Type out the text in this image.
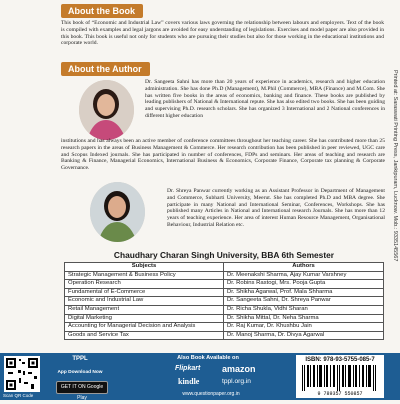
About the Book
This book of “Economic and Industrial Law” covers various laws governing the relationship between labours and employers. Text of the book is compiled with examples and legal jargons are avoided for easy understanding of legislations. Exercises and model paper are also provided in this book. This book is useful not only for students who are pursuing their studies but also for those working in the educational institutions and corporate world.
About the Author
Dr. Sangeeta Sahni has more than 20 years of experience in academics, research and higher education administration. She has done Ph.D (Management), M.Phil (Commerce), MBA (Finance) and M.Com. She has written five books in the areas of economics, banking and finance. These books are published by leading publishers of National & International repute. She has also edited two books. She has been guiding and supervising Ph.D. research scholars. She has organized 3 International and 2 National conferences in different higher education
institutions and has always been an active member of conference committees throughout her teaching career. She has contributed more than 25 research papers in the areas of Business Management & Commerce. Her research contribution has been published in peer reviewed, UGC care and Scopus Indexed journals. She has participated in number of conferences, FDPs and seminars. Her areas of teaching and research are Banking & Finance, Managerial Economics, International Business & Economics, Corporate Finance, Corporate tax planning & Corporate Governance.
Dr. Shreya Panwar currently working as an Assistant Professor in Department of Management and Commerce, Subharti University, Meerut. She has completed Ph.D and MBA degree. She participate in many National and International Seminar, Conferences, Workshops. She has published many Articles in National and International research Journals. She has more than 12 years of teaching experience. Her area of interest Human Resource Management, Organisational Behaviour, Industrial Relation etc.
Chaudhary Charan Singh University, BBA 6th Semester
Subjects	Authors
Strategic Management & Business Policy	Dr. Meenakshi Sharma, Ajay Kumar Varshney
Operation Research	Dr. Robins Rastogi, Mrs. Pooja Gupta
Fundamental of E-Commerce	Dr. Shikha Agarwal, Prof. Mala Shharma
Economic and Industrial Law	Dr. Sangeeta Sahni, Dr. Shreya Panwar
Retail Management	Dr. Richa Shukla, Vidhi Sharan
Digital Marketing	Dr. Shikha Mittal, Dr. Neha Sharma
Accounting for Managerial Decision and Analysis	Dr. Raj Kumar, Dr. Khushbu Jain
Goods and Service Tax	Dr. Manoj Sharma, Dr. Divya Agarwal
Printed at: Saraswati Printing Press, Jankipuram, Lucknow. Mob.: 9335145567
Scan QR Code
TPPL
App Download Now
GET IT ON Google Play
Also Book Available on
Flipkart amazon
kindle	tppl.org.in
www.questionpaper.org.in
ISBN: 978-93-5755-085-7
9 789357 550857
